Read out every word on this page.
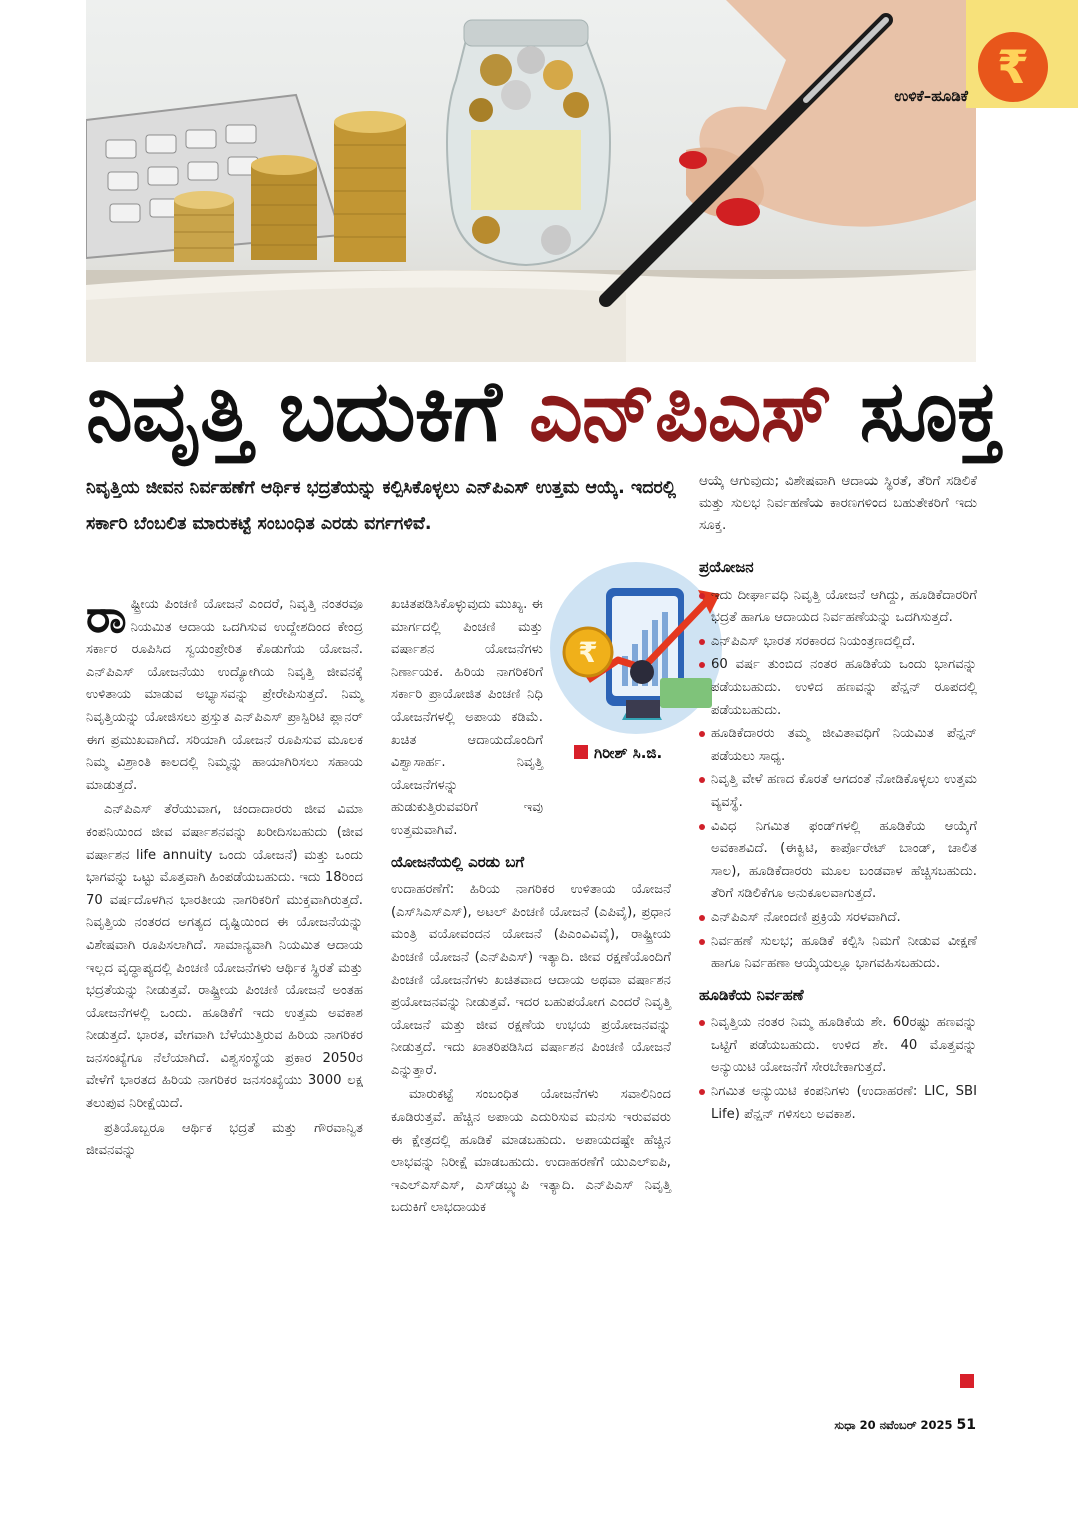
₹
ಉಳಿಕೆ–ಹೂಡಿಕೆ
ನಿವೃತ್ತಿ ಬದುಕಿಗೆ ಎನ್‌ಪಿಎಸ್ ಸೂಕ್ತ

ನಿವೃತ್ತಿಯ ಜೀವನ ನಿರ್ವಹಣೆಗೆ ಆರ್ಥಿಕ ಭದ್ರತೆಯನ್ನು ಕಲ್ಪಿಸಿಕೊಳ್ಳಲು ಎನ್‌ಪಿಎಸ್ ಉತ್ತಮ ಆಯ್ಕೆ. ಇದರಲ್ಲಿ ಸರ್ಕಾರಿ ಬೆಂಬಲಿತ ಮಾರುಕಟ್ಟೆ ಸಂಬಂಧಿತ ಎರಡು ವರ್ಗಗಳಿವೆ.

ಆಯ್ಕೆ ಆಗುವುದು; ವಿಶೇಷವಾಗಿ ಆದಾಯ ಸ್ಥಿರತೆ, ತೆರಿಗೆ ಸಡಿಲಿಕೆ ಮತ್ತು ಸುಲಭ ನಿರ್ವಹಣೆಯ ಕಾರಣಗಳಿಂದ ಬಹುತೇಕರಿಗೆ ಇದು ಸೂಕ್ತ.

ರಾಷ್ಟ್ರೀಯ ಪಿಂಚಣಿ ಯೋಜನೆ ಎಂದರೆ, ನಿವೃತ್ತಿ ನಂತರವೂ ನಿಯಮಿತ ಆದಾಯ ಒದಗಿಸುವ ಉದ್ದೇಶದಿಂದ ಕೇಂದ್ರ ಸರ್ಕಾರ ರೂಪಿಸಿದ ಸ್ವಯಂಪ್ರೇರಿತ ಕೊಡುಗೆಯ ಯೋಜನೆ. ಎನ್‌ಪಿಎಸ್ ಯೋಜನೆಯು ಉದ್ಯೋಗಿಯ ನಿವೃತ್ತಿ ಜೀವನಕ್ಕೆ ಉಳಿತಾಯ ಮಾಡುವ ಅಭ್ಯಾಸವನ್ನು ಪ್ರೇರೇಪಿಸುತ್ತದೆ. ನಿಮ್ಮ ನಿವೃತ್ತಿಯನ್ನು ಯೋಜಿಸಲು ಪ್ರಸ್ತುತ ಎನ್‌ಪಿಎಸ್ ಪ್ರಾಸ್ಪಿರಿಟಿ ಪ್ಲಾನರ್ ಈಗ ಪ್ರಮುಖವಾಗಿದೆ. ಸರಿಯಾಗಿ ಯೋಜನೆ ರೂಪಿಸುವ ಮೂಲಕ ನಿಮ್ಮ ವಿಶ್ರಾಂತಿ ಕಾಲದಲ್ಲಿ ನಿಮ್ಮನ್ನು ಹಾಯಾಗಿರಿಸಲು ಸಹಾಯ ಮಾಡುತ್ತದೆ.

ಎನ್‌ಪಿಎಸ್ ತೆರೆಯುವಾಗ, ಚಂದಾದಾರರು ಜೀವ ವಿಮಾ ಕಂಪನಿಯಿಂದ ಜೀವ ವರ್ಷಾಶನವನ್ನು ಖರೀದಿಸಬಹುದು (ಜೀವ ವರ್ಷಾಶನ life annuity ಒಂದು ಯೋಜನೆ) ಮತ್ತು ಒಂದು ಭಾಗವನ್ನು ಒಟ್ಟು ಮೊತ್ತವಾಗಿ ಹಿಂಪಡೆಯಬಹುದು. ಇದು 18ರಿಂದ 70 ವರ್ಷದೊಳಗಿನ ಭಾರತೀಯ ನಾಗರಿಕರಿಗೆ ಮುಕ್ತವಾಗಿರುತ್ತದೆ. ನಿವೃತ್ತಿಯ ನಂತರದ ಅಗತ್ಯದ ದೃಷ್ಟಿಯಿಂದ ಈ ಯೋಜನೆಯನ್ನು ವಿಶೇಷವಾಗಿ ರೂಪಿಸಲಾಗಿದೆ. ಸಾಮಾನ್ಯವಾಗಿ ನಿಯಮಿತ ಆದಾಯ ಇಲ್ಲದ ವೃದ್ಧಾಪ್ಯದಲ್ಲಿ ಪಿಂಚಣಿ ಯೋಜನೆಗಳು ಆರ್ಥಿಕ ಸ್ಥಿರತೆ ಮತ್ತು ಭದ್ರತೆಯನ್ನು ನೀಡುತ್ತವೆ. ರಾಷ್ಟ್ರೀಯ ಪಿಂಚಣಿ ಯೋಜನೆ ಅಂತಹ ಯೋಜನೆಗಳಲ್ಲಿ ಒಂದು. ಹೂಡಿಕೆಗೆ ಇದು ಉತ್ತಮ ಅವಕಾಶ ನೀಡುತ್ತದೆ. ಭಾರತ, ವೇಗವಾಗಿ ಬೆಳೆಯುತ್ತಿರುವ ಹಿರಿಯ ನಾಗರಿಕರ ಜನಸಂಖ್ಯೆಗೂ ನೆಲೆಯಾಗಿದೆ. ವಿಶ್ವಸಂಸ್ಥೆಯ ಪ್ರಕಾರ 2050ರ ವೇಳೆಗೆ ಭಾರತದ ಹಿರಿಯ ನಾಗರಿಕರ ಜನಸಂಖ್ಯೆಯು 3000 ಲಕ್ಷ ತಲುಪುವ ನಿರೀಕ್ಷೆಯಿದೆ.

ಪ್ರತಿಯೊಬ್ಬರೂ ಆರ್ಥಿಕ ಭದ್ರತೆ ಮತ್ತು ಗೌರವಾನ್ವಿತ ಜೀವನವನ್ನು

₹
ಗಿರೀಶ್ ಸಿ.ಜಿ.

ಖಚಿತಪಡಿಸಿಕೊಳ್ಳುವುದು ಮುಖ್ಯ. ಈ ಮಾರ್ಗದಲ್ಲಿ ಪಿಂಚಣಿ ಮತ್ತು ವರ್ಷಾಶನ ಯೋಜನೆಗಳು ನಿರ್ಣಾಯಕ. ಹಿರಿಯ ನಾಗರಿಕರಿಗೆ ಸರ್ಕಾರಿ ಪ್ರಾಯೋಜಿತ ಪಿಂಚಣಿ ನಿಧಿ ಯೋಜನೆಗಳಲ್ಲಿ ಅಪಾಯ ಕಡಿಮೆ. ಖಚಿತ ಆದಾಯದೊಂದಿಗೆ ವಿಶ್ವಾಸಾರ್ಹ. ನಿವೃತ್ತಿ ಯೋಜನೆಗಳನ್ನು ಹುಡುಕುತ್ತಿರುವವರಿಗೆ ಇವು ಉತ್ತಮವಾಗಿವೆ.

ಯೋಜನೆಯಲ್ಲಿ ಎರಡು ಬಗೆ

ಉದಾಹರಣೆಗೆ: ಹಿರಿಯ ನಾಗರಿಕರ ಉಳಿತಾಯ ಯೋಜನೆ (ಎಸ್‌ಸಿಎಸ್‌ಎಸ್), ಅಟಲ್ ಪಿಂಚಣಿ ಯೋಜನೆ (ಎಪಿವೈ), ಪ್ರಧಾನ ಮಂತ್ರಿ ವಯೋವಂದನ ಯೋಜನೆ (ಪಿಎಂವಿವಿವೈ), ರಾಷ್ಟ್ರೀಯ ಪಿಂಚಣಿ ಯೋಜನೆ (ಎನ್‌ಪಿಎಸ್) ಇತ್ಯಾದಿ. ಜೀವ ರಕ್ಷಣೆಯೊಂದಿಗೆ ಪಿಂಚಣಿ ಯೋಜನೆಗಳು ಖಚಿತವಾದ ಆದಾಯ ಅಥವಾ ವರ್ಷಾಶನ ಪ್ರಯೋಜನವನ್ನು ನೀಡುತ್ತವೆ. ಇದರ ಬಹುಪಯೋಗ ಎಂದರೆ ನಿವೃತ್ತಿ ಯೋಜನೆ ಮತ್ತು ಜೀವ ರಕ್ಷಣೆಯ ಉಭಯ ಪ್ರಯೋಜನವನ್ನು ನೀಡುತ್ತದೆ. ಇದು ಖಾತರಿಪಡಿಸಿದ ವರ್ಷಾಶನ ಪಿಂಚಣಿ ಯೋಜನೆ ಎನ್ನುತ್ತಾರೆ.

ಮಾರುಕಟ್ಟೆ ಸಂಬಂಧಿತ ಯೋಜನೆಗಳು ಸವಾಲಿನಿಂದ ಕೂಡಿರುತ್ತವೆ. ಹೆಚ್ಚಿನ ಅಪಾಯ ಎದುರಿಸುವ ಮನಸು ಇರುವವರು ಈ ಕ್ಷೇತ್ರದಲ್ಲಿ ಹೂಡಿಕೆ ಮಾಡಬಹುದು. ಅಪಾಯದಷ್ಟೇ ಹೆಚ್ಚಿನ ಲಾಭವನ್ನು ನಿರೀಕ್ಷೆ ಮಾಡಬಹುದು. ಉದಾಹರಣೆಗೆ ಯುಎಲ್‌ಐಪಿ, ಇಎಲ್‌ಎಸ್‌ಎಸ್, ಎಸ್‌ಡಬ್ಲ್ಯುಪಿ ಇತ್ಯಾದಿ. ಎನ್‌ಪಿಎಸ್ ನಿವೃತ್ತಿ ಬದುಕಿಗೆ ಲಾಭದಾಯಕ

ಪ್ರಯೋಜನ
ಇದು ದೀರ್ಘಾವಧಿ ನಿವೃತ್ತಿ ಯೋಜನೆ ಆಗಿದ್ದು, ಹೂಡಿಕೆದಾರರಿಗೆ ಭದ್ರತೆ ಹಾಗೂ ಆದಾಯದ ನಿರ್ವಹಣೆಯನ್ನು ಒದಗಿಸುತ್ತದೆ.
ಎನ್‌ಪಿಎಸ್ ಭಾರತ ಸರಕಾರದ ನಿಯಂತ್ರಣದಲ್ಲಿದೆ.
60 ವರ್ಷ ತುಂಬಿದ ನಂತರ ಹೂಡಿಕೆಯ ಒಂದು ಭಾಗವನ್ನು ಪಡೆಯಬಹುದು. ಉಳಿದ ಹಣವನ್ನು ಪೆನ್ಷನ್ ರೂಪದಲ್ಲಿ ಪಡೆಯಬಹುದು.
ಹೂಡಿಕೆದಾರರು ತಮ್ಮ ಜೀವಿತಾವಧಿಗೆ ನಿಯಮಿತ ಪೆನ್ಷನ್ ಪಡೆಯಲು ಸಾಧ್ಯ.
ನಿವೃತ್ತಿ ವೇಳೆ ಹಣದ ಕೊರತೆ ಆಗದಂತೆ ನೋಡಿಕೊಳ್ಳಲು ಉತ್ತಮ ವ್ಯವಸ್ಥೆ.
ವಿವಿಧ ನಿಗಮಿತ ಫಂಡ್‌ಗಳಲ್ಲಿ ಹೂಡಿಕೆಯ ಆಯ್ಕೆಗೆ ಅವಕಾಶವಿದೆ. (ಈಕ್ವಿಟಿ, ಕಾರ್ಪೊರೇಟ್ ಬಾಂಡ್, ಚಾಲಿತ ಸಾಲ), ಹೂಡಿಕೆದಾರರು ಮೂಲ ಬಂಡವಾಳ ಹೆಚ್ಚಿಸಬಹುದು. ತೆರಿಗೆ ಸಡಿಲಿಕೆಗೂ ಅನುಕೂಲವಾಗುತ್ತದೆ.
ಎನ್‌ಪಿಎಸ್ ನೋಂದಣಿ ಪ್ರಕ್ರಿಯೆ ಸರಳವಾಗಿದೆ.
ನಿರ್ವಹಣೆ ಸುಲಭ; ಹೂಡಿಕೆ ಕಲ್ಪಿಸಿ ನಿಮಗೆ ನೀಡುವ ವೀಕ್ಷಣೆ ಹಾಗೂ ನಿರ್ವಹಣಾ ಆಯ್ಕೆಯಲ್ಲೂ ಭಾಗವಹಿಸಬಹುದು.
ಹೂಡಿಕೆಯ ನಿರ್ವಹಣೆ
ನಿವೃತ್ತಿಯ ನಂತರ ನಿಮ್ಮ ಹೂಡಿಕೆಯ ಶೇ. 60ರಷ್ಟು ಹಣವನ್ನು ಒಟ್ಟಿಗೆ ಪಡೆಯಬಹುದು. ಉಳಿದ ಶೇ. 40 ಮೊತ್ತವನ್ನು ಅನ್ಯುಯಿಟಿ ಯೋಜನೆಗೆ ಸೇರಬೇಕಾಗುತ್ತದೆ.
ನಿಗಮಿತ ಅನ್ಯುಯಿಟಿ ಕಂಪನಿಗಳು (ಉದಾಹರಣೆ: LIC, SBI Life) ಪೆನ್ಷನ್ ಗಳಿಸಲು ಅವಕಾಶ.
ಸುಧಾ 20 ನವೆಂಬರ್ 2025 51
